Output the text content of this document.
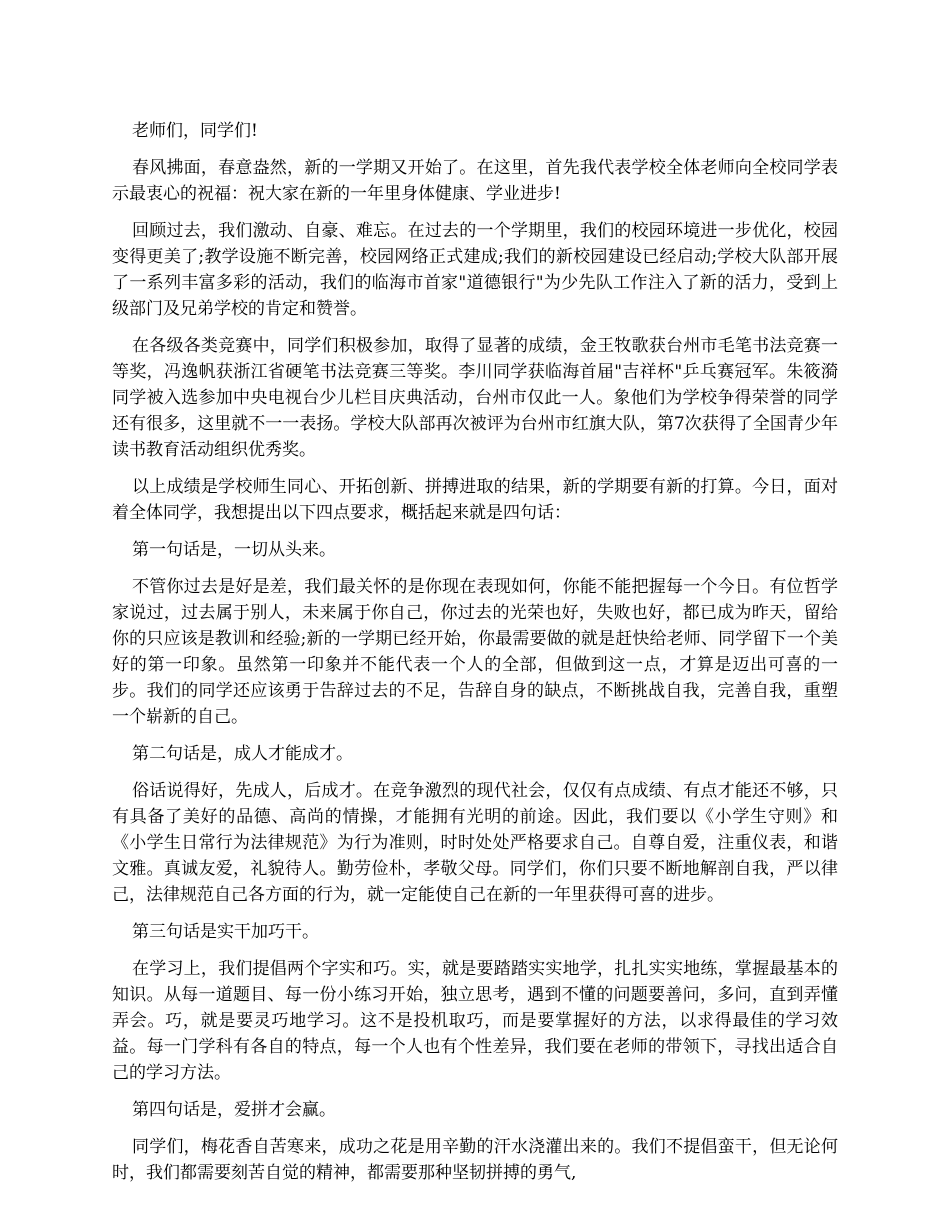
老师们，同学们!

春风拂面，春意盎然，新的一学期又开始了。在这里，首先我代表学校全体老师向全校同学表示最衷心的祝福：祝大家在新的一年里身体健康、学业进步!

回顾过去，我们激动、自豪、难忘。在过去的一个学期里，我们的校园环境进一步优化，校园变得更美了;教学设施不断完善，校园网络正式建成;我们的新校园建设已经启动;学校大队部开展了一系列丰富多彩的活动，我们的临海市首家"道德银行"为少先队工作注入了新的活力，受到上级部门及兄弟学校的肯定和赞誉。

在各级各类竞赛中，同学们积极参加，取得了显著的成绩，金王牧歌获台州市毛笔书法竞赛一等奖，冯逸帆获浙江省硬笔书法竞赛三等奖。李川同学获临海首届"吉祥杯"乒乓赛冠军。朱筱漪同学被入选参加中央电视台少儿栏目庆典活动，台州市仅此一人。象他们为学校争得荣誉的同学还有很多，这里就不一一表扬。学校大队部再次被评为台州市红旗大队，第7次获得了全国青少年读书教育活动组织优秀奖。

以上成绩是学校师生同心、开拓创新、拼搏进取的结果，新的学期要有新的打算。今日，面对着全体同学，我想提出以下四点要求，概括起来就是四句话：

第一句话是，一切从头来。

不管你过去是好是差，我们最关怀的是你现在表现如何，你能不能把握每一个今日。有位哲学家说过，过去属于别人，未来属于你自己，你过去的光荣也好，失败也好，都已成为昨天，留给你的只应该是教训和经验;新的一学期已经开始，你最需要做的就是赶快给老师、同学留下一个美好的第一印象。虽然第一印象并不能代表一个人的全部，但做到这一点，才算是迈出可喜的一步。我们的同学还应该勇于告辞过去的不足，告辞自身的缺点，不断挑战自我，完善自我，重塑一个崭新的自己。

第二句话是，成人才能成才。

俗话说得好，先成人，后成才。在竞争激烈的现代社会，仅仅有点成绩、有点才能还不够，只有具备了美好的品德、高尚的情操，才能拥有光明的前途。因此，我们要以《小学生守则》和《小学生日常行为法律规范》为行为准则，时时处处严格要求自己。自尊自爱，注重仪表，和谐文雅。真诚友爱，礼貌待人。勤劳俭朴，孝敬父母。同学们，你们只要不断地解剖自我，严以律己，法律规范自己各方面的行为，就一定能使自己在新的一年里获得可喜的进步。

第三句话是实干加巧干。

在学习上，我们提倡两个字实和巧。实，就是要踏踏实实地学，扎扎实实地练，掌握最基本的知识。从每一道题目、每一份小练习开始，独立思考，遇到不懂的问题要善问，多问，直到弄懂弄会。巧，就是要灵巧地学习。这不是投机取巧，而是要掌握好的方法，以求得最佳的学习效益。每一门学科有各自的特点，每一个人也有个性差异，我们要在老师的带领下，寻找出适合自己的学习方法。

第四句话是，爱拼才会赢。

同学们，梅花香自苦寒来，成功之花是用辛勤的汗水浇灌出来的。我们不提倡蛮干，但无论何时，我们都需要刻苦自觉的精神，都需要那种坚韧拼搏的勇气,
